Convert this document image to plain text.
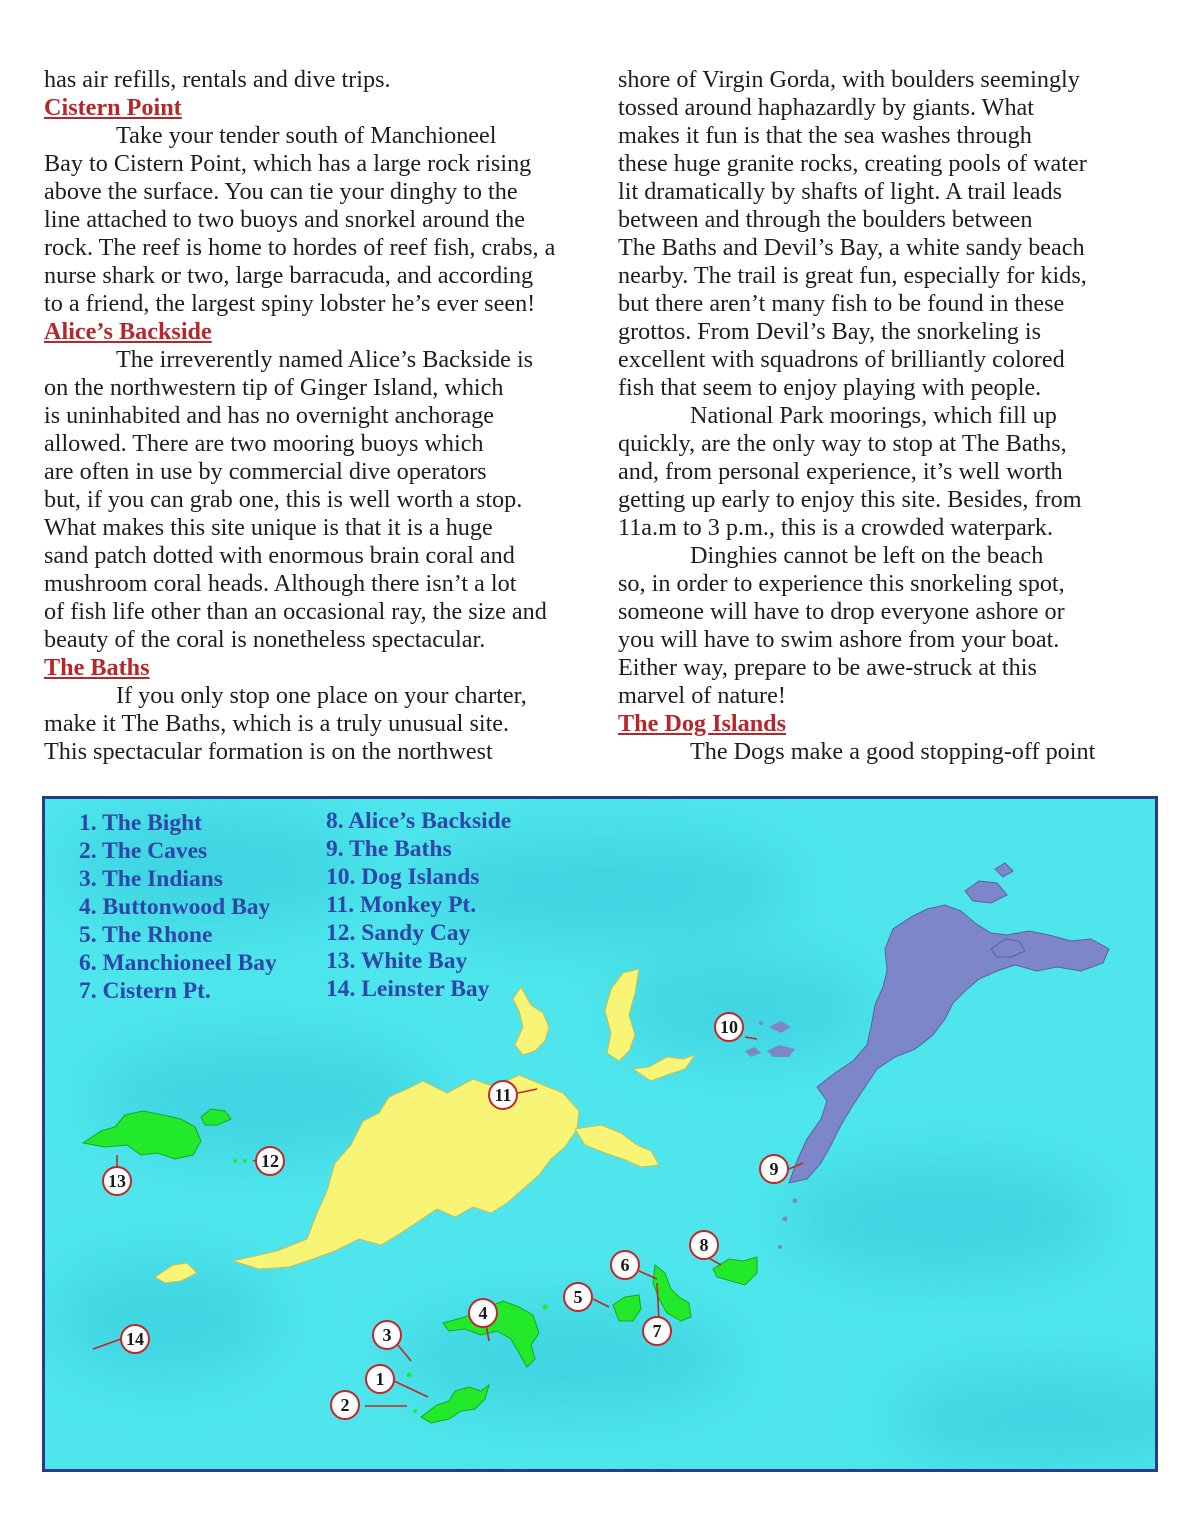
has air refills, rentals and dive trips.
Cistern Point
Take your tender south of Manchioneel
Bay to Cistern Point, which has a large rock rising
above the surface. You can tie your dinghy to the
line attached to two buoys and snorkel around the
rock. The reef is home to hordes of reef fish, crabs, a
nurse shark or two, large barracuda, and according
to a friend, the largest spiny lobster he’s ever seen!
Alice’s Backside
The irreverently named Alice’s Backside is
on the northwestern tip of Ginger Island, which
is uninhabited and has no overnight anchorage
allowed. There are two mooring buoys which
are often in use by commercial dive operators
but, if you can grab one, this is well worth a stop.
What makes this site unique is that it is a huge
sand patch dotted with enormous brain coral and
mushroom coral heads. Although there isn’t a lot
of fish life other than an occasional ray, the size and
beauty of the coral is nonetheless spectacular.
The Baths
If you only stop one place on your charter,
make it The Baths, which is a truly unusual site.
This spectacular formation is on the northwest
shore of Virgin Gorda, with boulders seemingly
tossed around haphazardly by giants. What
makes it fun is that the sea washes through
these huge granite rocks, creating pools of water
lit dramatically by shafts of light. A trail leads
between and through the boulders between
The Baths and Devil’s Bay, a white sandy beach
nearby. The trail is great fun, especially for kids,
but there aren’t many fish to be found in these
grottos. From Devil’s Bay, the snorkeling is
excellent with squadrons of brilliantly colored
fish that seem to enjoy playing with people.
National Park moorings, which fill up
quickly, are the only way to stop at The Baths,
and, from personal experience, it’s well worth
getting up early to enjoy this site. Besides, from
11a.m to 3 p.m., this is a crowded waterpark.
Dinghies cannot be left on the beach
so, in order to experience this snorkeling spot,
someone will have to drop everyone ashore or
you will have to swim ashore from your boat.
Either way, prepare to be awe-struck at this
marvel of nature!
The Dog Islands
The Dogs make a good stopping-off point
1
2
3
4
5
6
7
8
9
10
11
12
13
14
1. The Bight
2. The Caves
3. The Indians
4. Buttonwood Bay
5. The Rhone
6. Manchioneel Bay
7. Cistern Pt.
8. Alice’s Backside
9. The Baths
10. Dog Islands
11. Monkey Pt.
12. Sandy Cay
13. White Bay
14. Leinster Bay
